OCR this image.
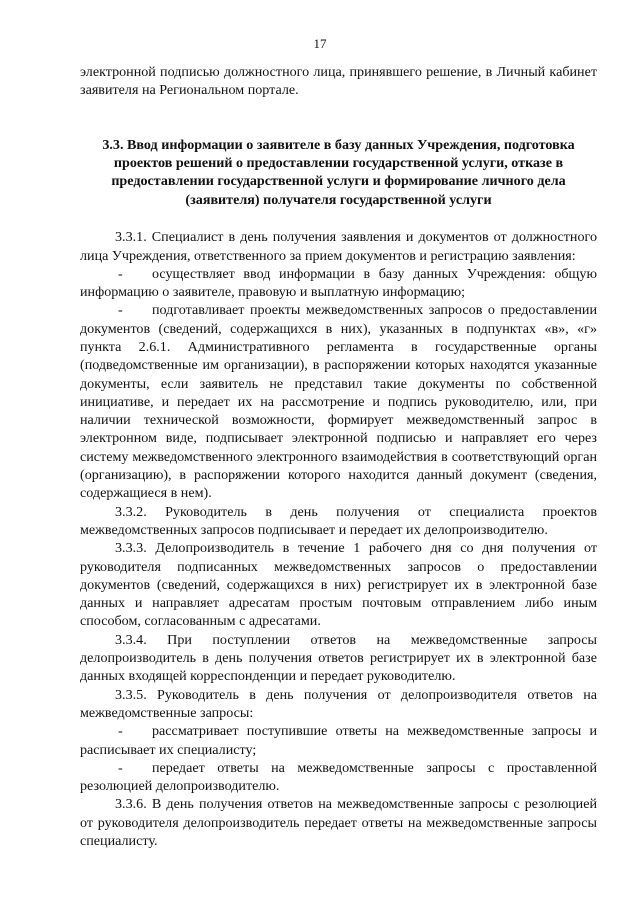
17

электронной подписью должностного лица, принявшего решение, в Личный кабинет заявителя на Региональном портале.

3.3. Ввод информации о заявителе в базу данных Учреждения, подготовка проектов решений о предоставлении государственной услуги, отказе в предоставлении государственной услуги и формирование личного дела (заявителя) получателя государственной услуги

3.3.1. Специалист в день получения заявления и документов от должностного лица Учреждения, ответственного за прием документов и регистрацию заявления:

- осуществляет ввод информации в базу данных Учреждения: общую информацию о заявителе, правовую и выплатную информацию;

- подготавливает проекты межведомственных запросов о предоставлении документов (сведений, содержащихся в них), указанных в подпунктах «в», «г» пункта 2.6.1. Административного регламента в государственные органы (подведомственные им организации), в распоряжении которых находятся указанные документы, если заявитель не представил такие документы по собственной инициативе, и передает их на рассмотрение и подпись руководителю, или, при наличии технической возможности, формирует межведомственный запрос в электронном виде, подписывает электронной подписью и направляет его через систему межведомственного электронного взаимодействия в соответствующий орган (организацию), в распоряжении которого находится данный документ (сведения, содержащиеся в нем).

3.3.2. Руководитель в день получения от специалиста проектов межведомственных запросов подписывает и передает их делопроизводителю.

3.3.3. Делопроизводитель в течение 1 рабочего дня со дня получения от руководителя подписанных межведомственных запросов о предоставлении документов (сведений, содержащихся в них) регистрирует их в электронной базе данных и направляет адресатам простым почтовым отправлением либо иным способом, согласованным с адресатами.

3.3.4. При поступлении ответов на межведомственные запросы делопроизводитель в день получения ответов регистрирует их в электронной базе данных входящей корреспонденции и передает руководителю.

3.3.5. Руководитель в день получения от делопроизводителя ответов на межведомственные запросы:

- рассматривает поступившие ответы на межведомственные запросы и расписывает их специалисту;

- передает ответы на межведомственные запросы с проставленной резолюцией делопроизводителю.

3.3.6. В день получения ответов на межведомственные запросы с резолюцией от руководителя делопроизводитель передает ответы на межведомственные запросы специалисту.
